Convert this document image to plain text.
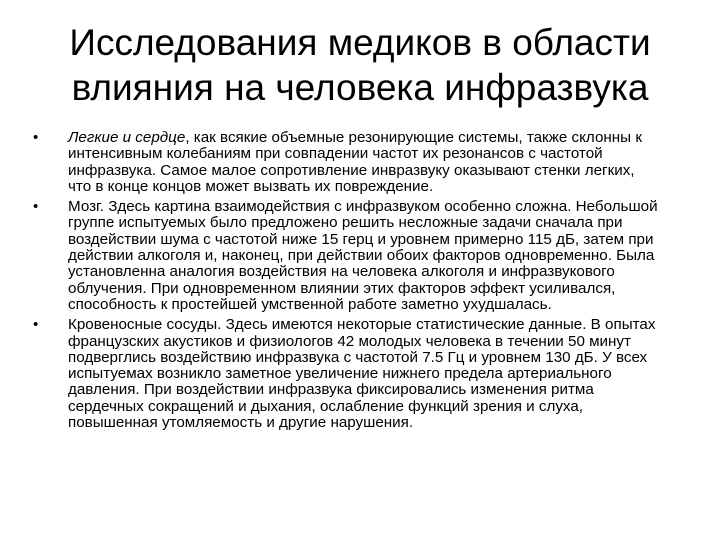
Исследования медиков в области влияния на человека инфразвука
• Легкие и сердце, как всякие объемные резонирующие системы, также склонны к интенсивным колебаниям при совпадении частот их резонансов с частотой инфразвука. Самое малое сопротивление инвразвуку оказывают стенки легких, что в конце концов может вызвать их повреждение.
• Мозг. Здесь картина взаимодействия с инфразвуком особенно сложна. Небольшой группе испытуемых было предложено решить несложные задачи сначала при воздействии шума с частотой ниже 15 герц и уровнем примерно 115 дБ, затем при действии алкоголя и, наконец, при действии обоих факторов одновременно. Была установленна аналогия воздействия на человека алкоголя и инфразвукового облучения. При одновременном влиянии этих факторов эффект усиливался, способность к простейшей умственной работе заметно ухудшалась.
• Кровеносные сосуды. Здесь имеются некоторые статистические данные. В опытах французских акустиков и физиологов 42 молодых человека в течении 50 минут подверглись воздействию инфразвука с частотой 7.5 Гц и уровнем 130 дБ. У всех испытуемах возникло заметное увеличение нижнего предела артериального давления. При воздействии инфразвука фиксировались изменения ритма сердечных сокращений и дыхания, ослабление функций зрения и слуха, повышенная утомляемость и другие нарушения.
